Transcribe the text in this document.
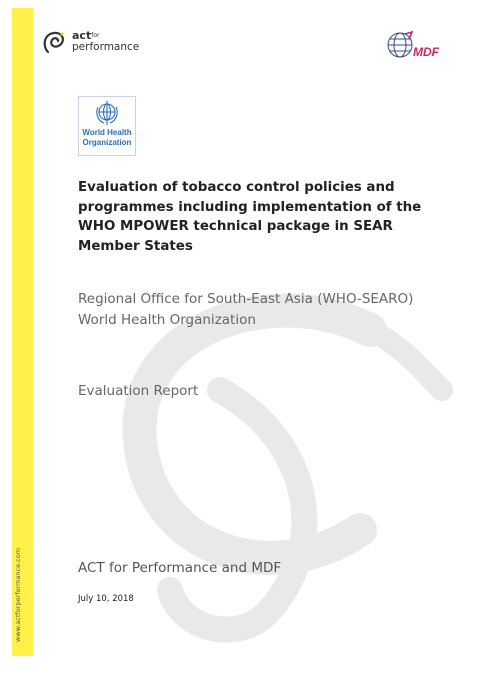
www.actforperformance.com
act$^{for}$
performance	MDF
World Health
Organization
Evaluation of tobacco control policies and programmes including implementation of the WHO MPOWER technical package in SEAR Member States
Regional Office for South-East Asia (WHO-SEARO)
World Health Organization
Evaluation Report
ACT for Performance and MDF
July 10, 2018
